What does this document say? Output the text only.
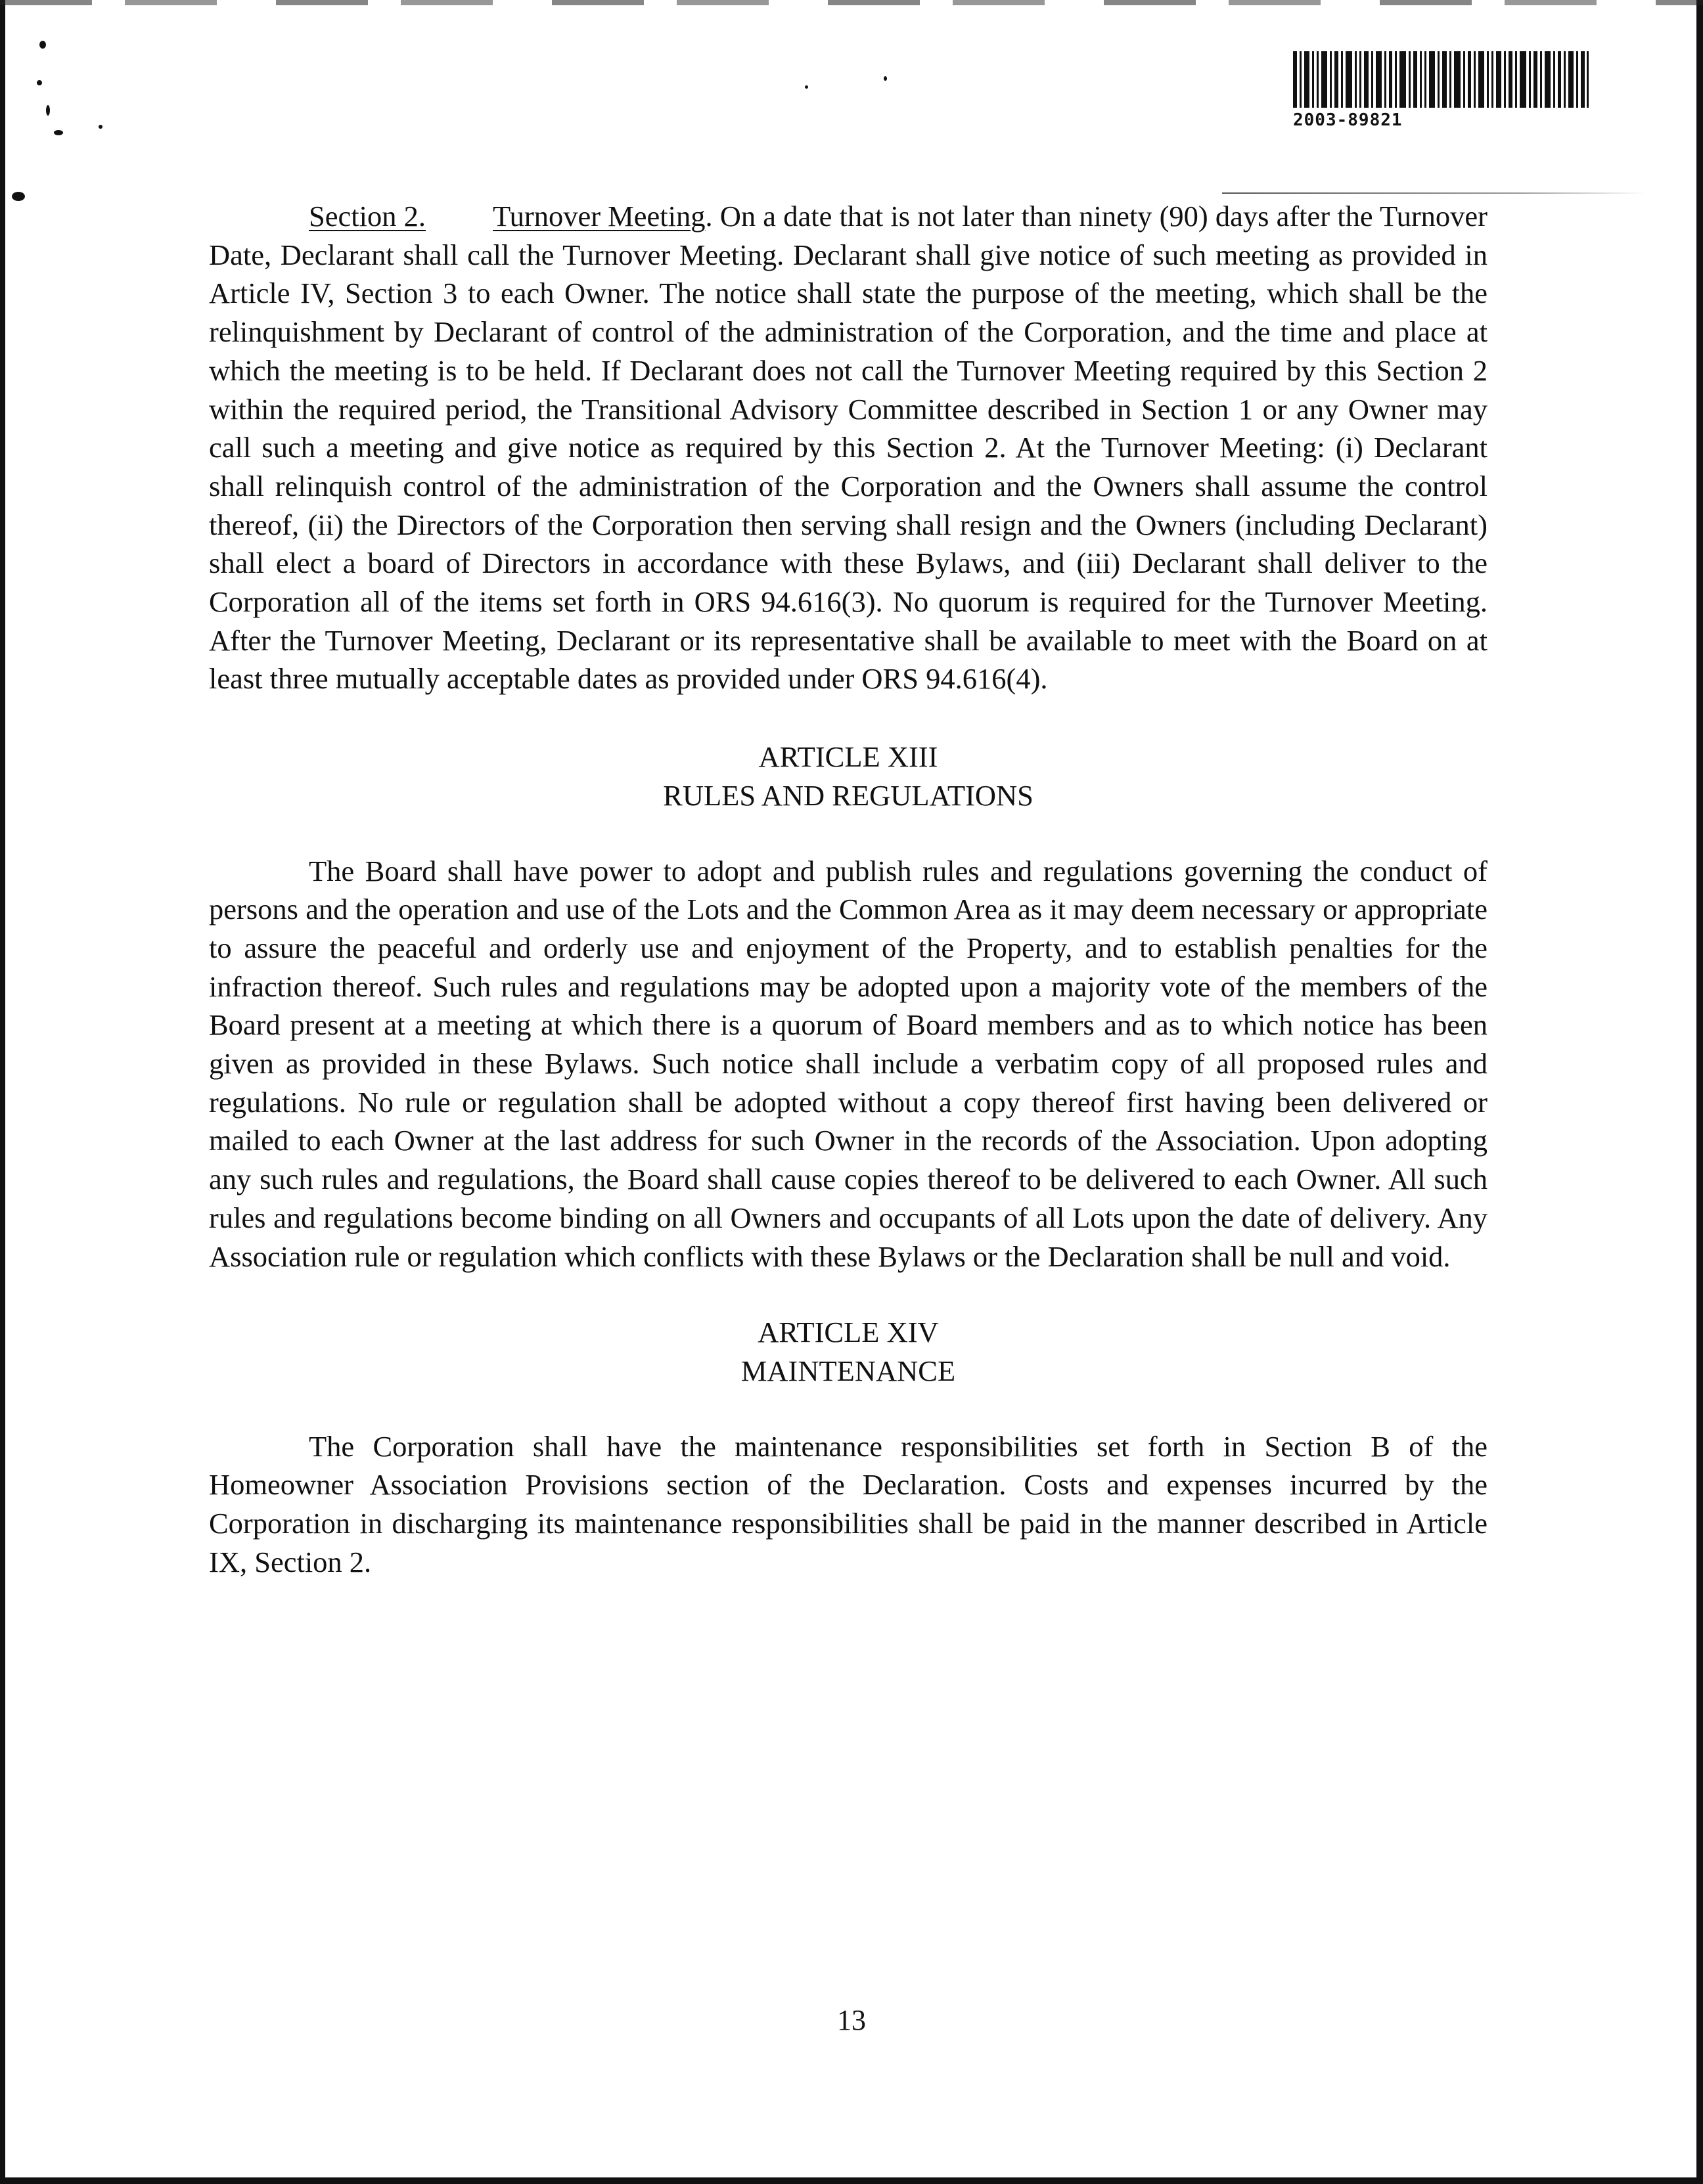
2003-89821

Section 2. Turnover Meeting. On a date that is not later than ninety (90) days after the Turnover Date, Declarant shall call the Turnover Meeting. Declarant shall give notice of such meeting as provided in Article IV, Section 3 to each Owner. The notice shall state the purpose of the meeting, which shall be the relinquishment by Declarant of control of the administration of the Corporation, and the time and place at which the meeting is to be held. If Declarant does not call the Turnover Meeting required by this Section 2 within the required period, the Transitional Advisory Committee described in Section 1 or any Owner may call such a meeting and give notice as required by this Section 2. At the Turnover Meeting: (i) Declarant shall relinquish control of the administration of the Corporation and the Owners shall assume the control thereof, (ii) the Directors of the Corporation then serving shall resign and the Owners (including Declarant) shall elect a board of Directors in accordance with these Bylaws, and (iii) Declarant shall deliver to the Corporation all of the items set forth in ORS 94.616(3). No quorum is required for the Turnover Meeting. After the Turnover Meeting, Declarant or its representative shall be available to meet with the Board on at least three mutually acceptable dates as provided under ORS 94.616(4).

ARTICLE XIII
RULES AND REGULATIONS

The Board shall have power to adopt and publish rules and regulations governing the conduct of persons and the operation and use of the Lots and the Common Area as it may deem necessary or appropriate to assure the peaceful and orderly use and enjoyment of the Property, and to establish penalties for the infraction thereof. Such rules and regulations may be adopted upon a majority vote of the members of the Board present at a meeting at which there is a quorum of Board members and as to which notice has been given as provided in these Bylaws. Such notice shall include a verbatim copy of all proposed rules and regulations. No rule or regulation shall be adopted without a copy thereof first having been delivered or mailed to each Owner at the last address for such Owner in the records of the Association. Upon adopting any such rules and regulations, the Board shall cause copies thereof to be delivered to each Owner. All such rules and regulations become binding on all Owners and occupants of all Lots upon the date of delivery. Any Association rule or regulation which conflicts with these Bylaws or the Declaration shall be null and void.

ARTICLE XIV
MAINTENANCE

The Corporation shall have the maintenance responsibilities set forth in Section B of the Homeowner Association Provisions section of the Declaration. Costs and expenses incurred by the Corporation in discharging its maintenance responsibilities shall be paid in the manner described in Article IX, Section 2.

13
